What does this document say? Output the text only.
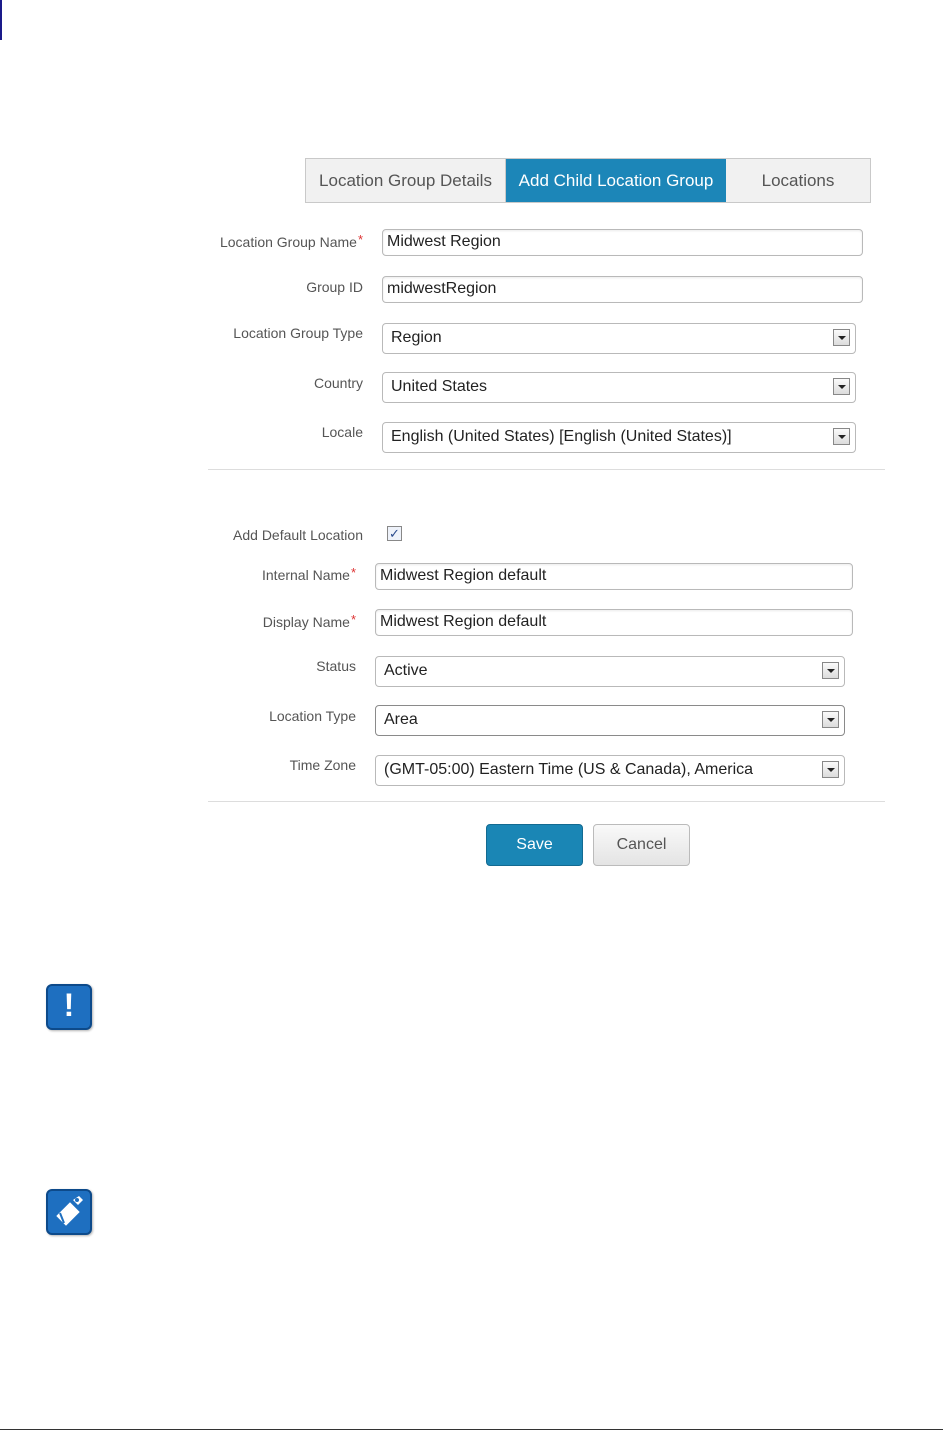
Location Group Details	Add Child Location Group	Locations
Location Group Name*	Midwest Region
Group ID	midwestRegion
Location Group Type	Region
Country	United States
Locale	English (United States) [English (United States)]
Add Default Location ✓
Internal Name*	Midwest Region default
Display Name*	Midwest Region default
Status	Active
Location Type	Area
Time Zone	(GMT-05:00) Eastern Time (US & Canada), America
Save	Cancel
!
